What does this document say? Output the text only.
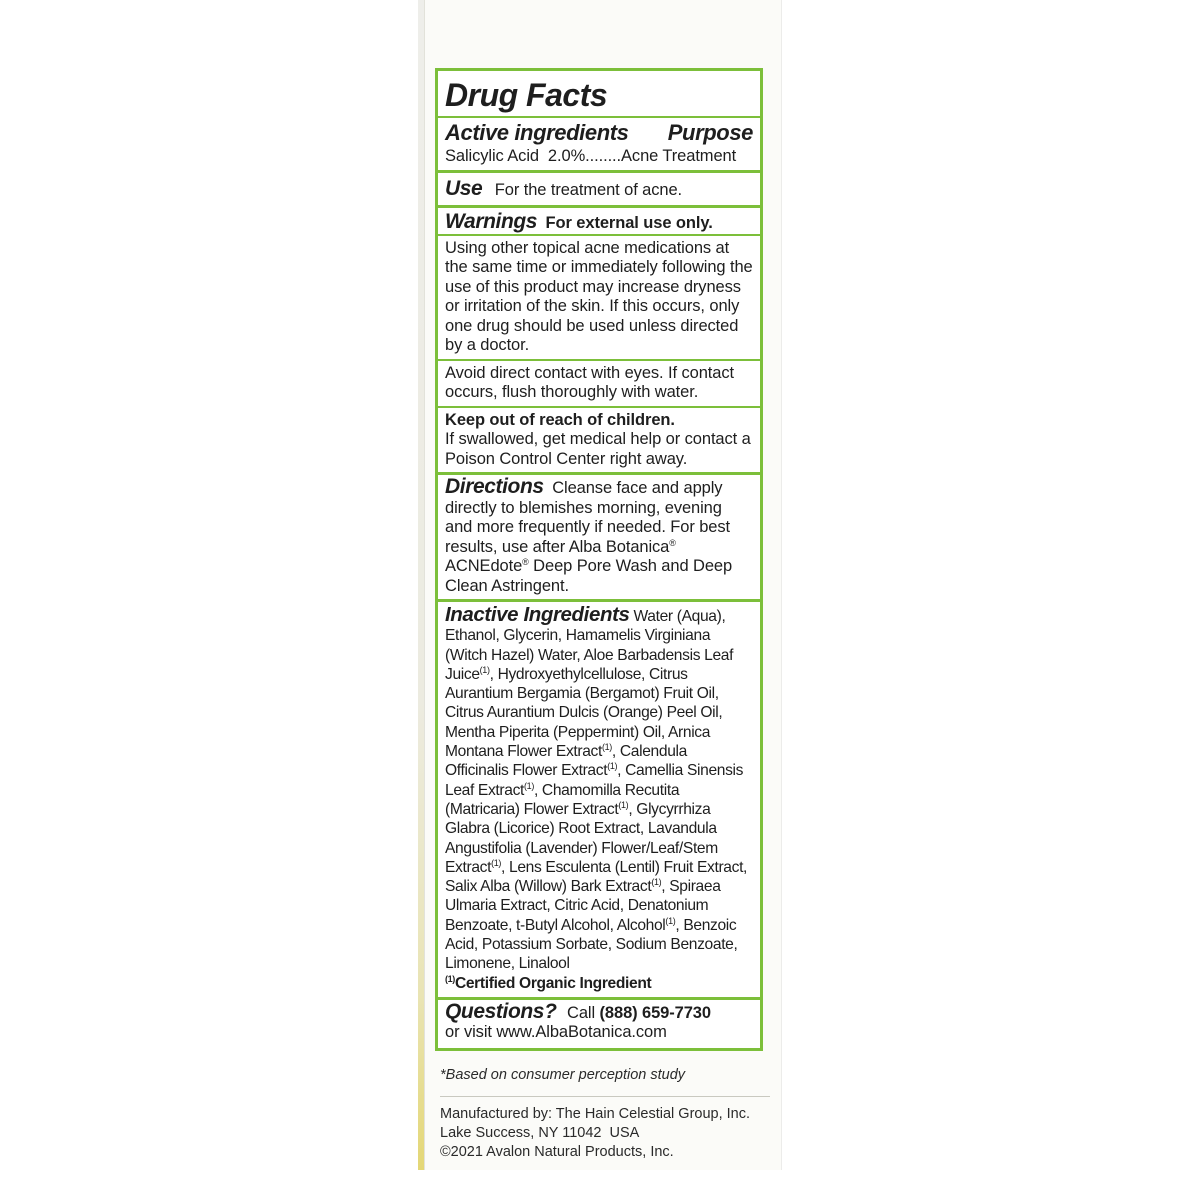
Drug Facts
Active ingredients Purpose
Salicylic Acid  2.0%........Acne Treatment
Use For the treatment of acne.
Warnings For external use only.
Using other topical acne medications at the same time or immediately following the use of this product may increase dryness or irritation of the skin. If this occurs, only one drug should be used unless directed by a doctor.
Avoid direct contact with eyes. If contact occurs, flush thoroughly with water.
Keep out of reach of children.
If swallowed, get medical help or contact a Poison Control Center right away.
Directions Cleanse face and apply directly to blemishes morning, evening and more frequently if needed. For best results, use after Alba Botanica® ACNEdote® Deep Pore Wash and Deep Clean Astringent.
Inactive Ingredients Water (Aqua), Ethanol, Glycerin, Hamamelis Virginiana (Witch Hazel) Water, Aloe Barbadensis Leaf Juice$^{(1)}$, Hydroxyethylcellulose, Citrus Aurantium Bergamia (Bergamot) Fruit Oil, Citrus Aurantium Dulcis (Orange) Peel Oil, Mentha Piperita (Peppermint) Oil, Arnica Montana Flower Extract$^{(1)}$, Calendula Officinalis Flower Extract$^{(1)}$, Camellia Sinensis Leaf Extract$^{(1)}$, Chamomilla Recutita (Matricaria) Flower Extract$^{(1)}$, Glycyrrhiza Glabra (Licorice) Root Extract, Lavandula Angustifolia (Lavender) Flower/Leaf/Stem Extract$^{(1)}$, Lens Esculenta (Lentil) Fruit Extract, Salix Alba (Willow) Bark Extract$^{(1)}$, Spiraea Ulmaria Extract, Citric Acid, Denatonium Benzoate, t-Butyl Alcohol, Alcohol$^{(1)}$, Benzoic Acid, Potassium Sorbate, Sodium Benzoate, Limonene, Linalool
$^{(1)}$Certified Organic Ingredient
Questions? Call (888) 659-7730
or visit www.AlbaBotanica.com
*Based on consumer perception study
Manufactured by: The Hain Celestial Group, Inc.
Lake Success, NY 11042  USA
©2021 Avalon Natural Products, Inc.
